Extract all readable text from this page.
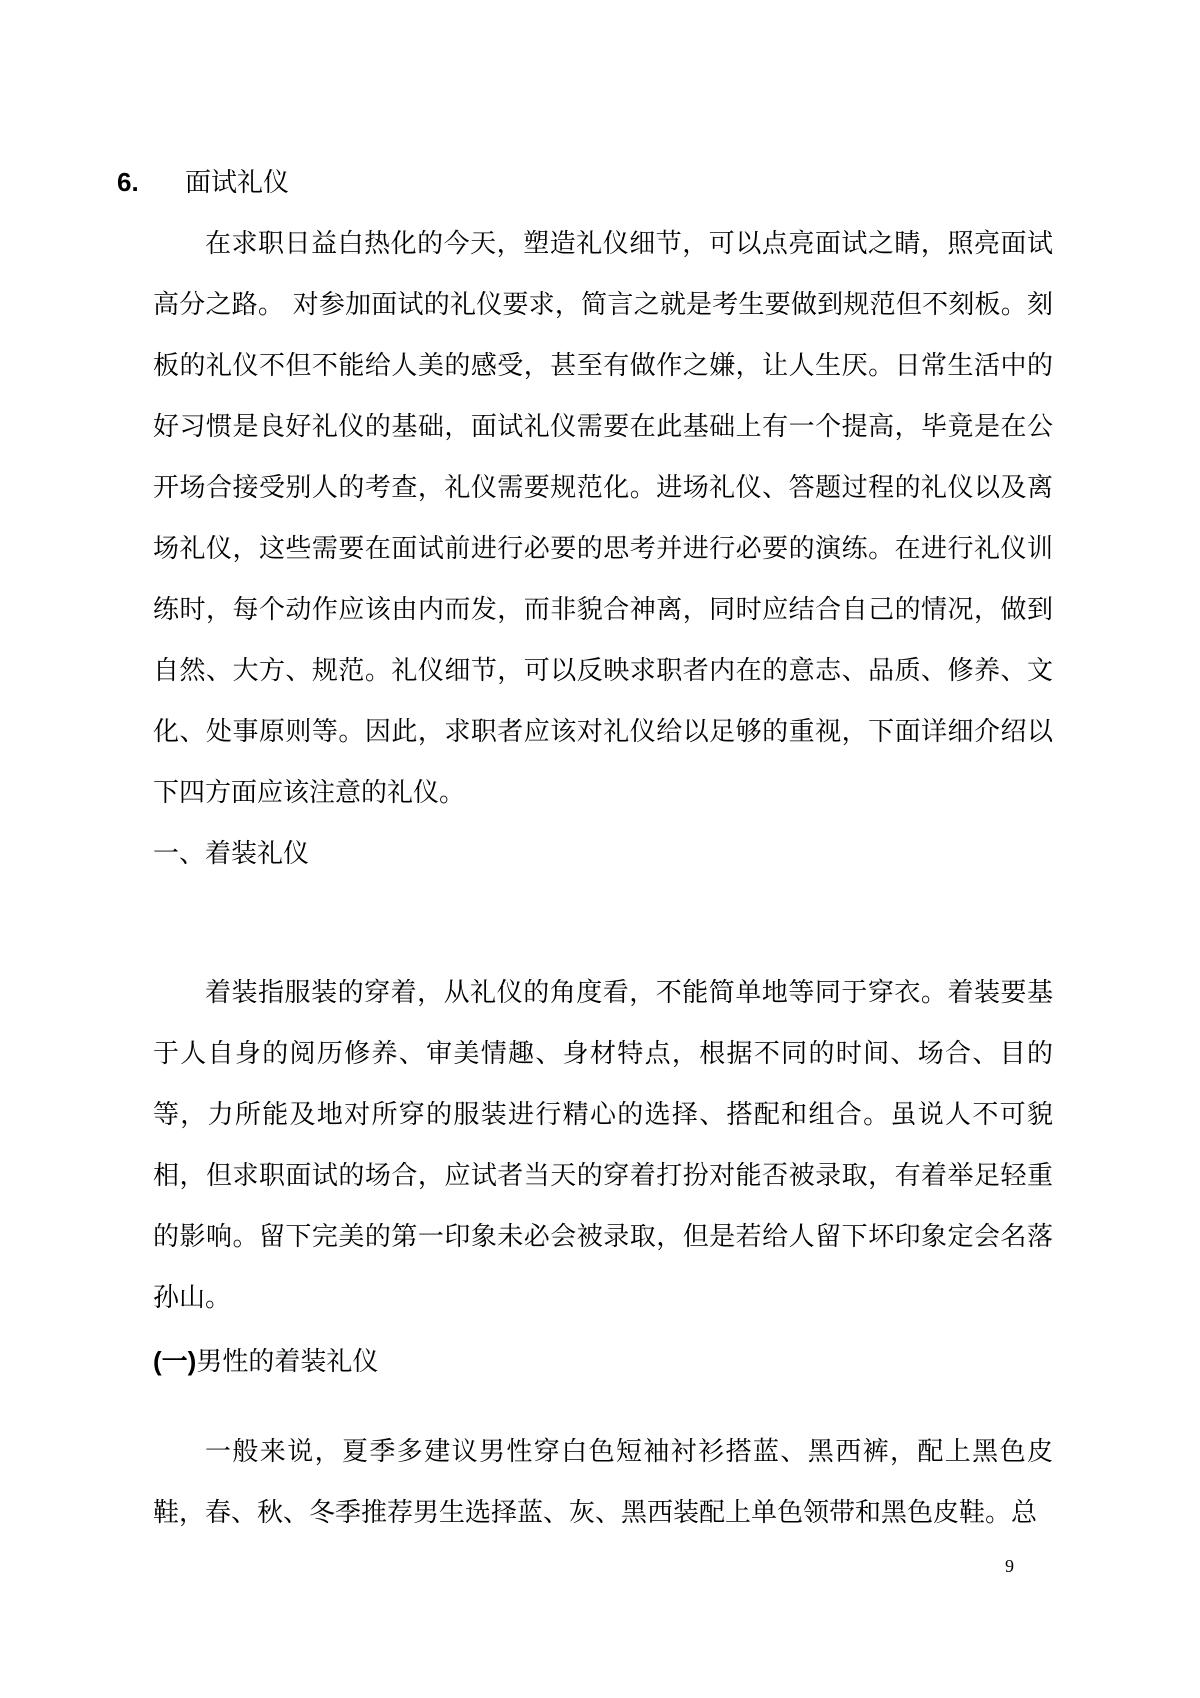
6. 面试礼仪

在求职日益白热化的今天，塑造礼仪细节，可以点亮面试之睛，照亮面试高分之路。 对参加面试的礼仪要求，简言之就是考生要做到规范但不刻板。刻板的礼仪不但不能给人美的感受，甚至有做作之嫌，让人生厌。日常生活中的好习惯是良好礼仪的基础，面试礼仪需要在此基础上有一个提高，毕竟是在公开场合接受别人的考查，礼仪需要规范化。进场礼仪、答题过程的礼仪以及离场礼仪，这些需要在面试前进行必要的思考并进行必要的演练。在进行礼仪训练时，每个动作应该由内而发，而非貌合神离，同时应结合自己的情况，做到自然、大方、规范。礼仪细节，可以反映求职者内在的意志、品质、修养、文化、处事原则等。因此，求职者应该对礼仪给以足够的重视，下面详细介绍以下四方面应该注意的礼仪。

一、着装礼仪

着装指服装的穿着，从礼仪的角度看，不能简单地等同于穿衣。着装要基于人自身的阅历修养、审美情趣、身材特点，根据不同的时间、场合、目的等，力所能及地对所穿的服装进行精心的选择、搭配和组合。虽说人不可貌相，但求职面试的场合，应试者当天的穿着打扮对能否被录取，有着举足轻重的影响。留下完美的第一印象未必会被录取，但是若给人留下坏印象定会名落孙山。

(一)男性的着装礼仪

一般来说，夏季多建议男性穿白色短袖衬衫搭蓝、黑西裤，配上黑色皮鞋，春、秋、冬季推荐男生选择蓝、灰、黑西装配上单色领带和黑色皮鞋。总

9
